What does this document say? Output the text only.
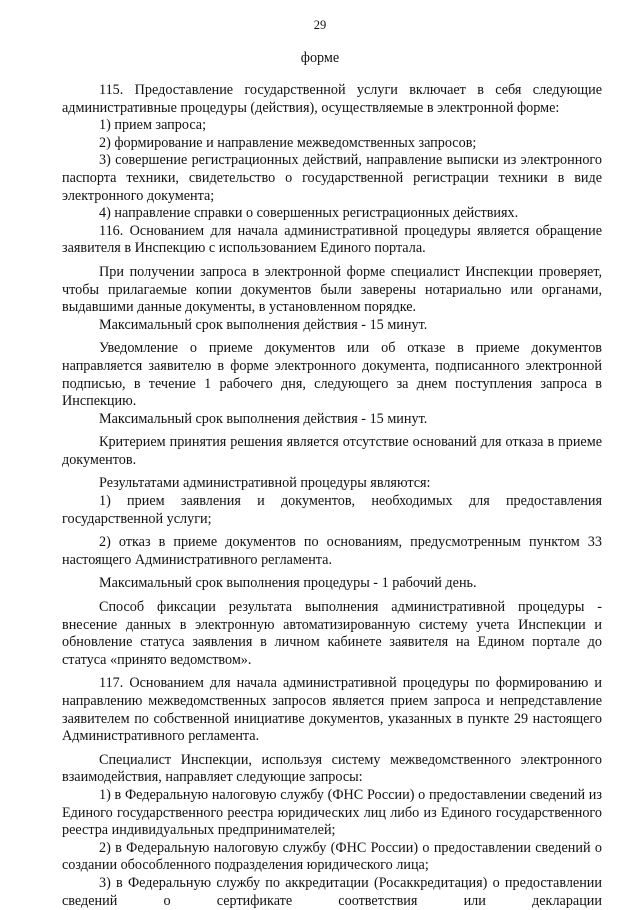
29
форме

115. Предоставление государственной услуги включает в себя следующие административные процедуры (действия), осуществляемые в электронной форме:

1) прием запроса;

2) формирование и направление межведомственных запросов;

3) совершение регистрационных действий, направление выписки из электронного паспорта техники, свидетельство о государственной регистрации техники в виде электронного документа;

4) направление справки о совершенных регистрационных действиях.

116. Основанием для начала административной процедуры является обращение заявителя в Инспекцию с использованием Единого портала.

При получении запроса в электронной форме специалист Инспекции проверяет, чтобы прилагаемые копии документов были заверены нотариально или органами, выдавшими данные документы, в установленном порядке.

Максимальный срок выполнения действия - 15 минут.

Уведомление о приеме документов или об отказе в приеме документов направляется заявителю в форме электронного документа, подписанного электронной подписью, в течение 1 рабочего дня, следующего за днем поступления запроса в Инспекцию.

Максимальный срок выполнения действия - 15 минут.

Критерием принятия решения является отсутствие оснований для отказа в приеме документов.

Результатами административной процедуры являются:

1) прием заявления и документов, необходимых для предоставления государственной услуги;

2) отказ в приеме документов по основаниям, предусмотренным пунктом 33 настоящего Административного регламента.

Максимальный срок выполнения процедуры - 1 рабочий день.

Способ фиксации результата выполнения административной процедуры - внесение данных в электронную автоматизированную систему учета Инспекции и обновление статуса заявления в личном кабинете заявителя на Едином портале до статуса «принято ведомством».

117. Основанием для начала административной процедуры по формированию и направлению межведомственных запросов является прием запроса и непредставление заявителем по собственной инициативе документов, указанных в пункте 29 настоящего Административного регламента.

Специалист Инспекции, используя систему межведомственного электронного взаимодействия, направляет следующие запросы:

1) в Федеральную налоговую службу (ФНС России) о предоставлении сведений из Единого государственного реестра юридических лиц либо из Единого государственного реестра индивидуальных предпринимателей;

2) в Федеральную налоговую службу (ФНС России) о предоставлении сведений о создании обособленного подразделения юридического лица;

3) в Федеральную службу по аккредитации (Росаккредитация) о предоставлении сведений о сертификате соответствия или декларации
